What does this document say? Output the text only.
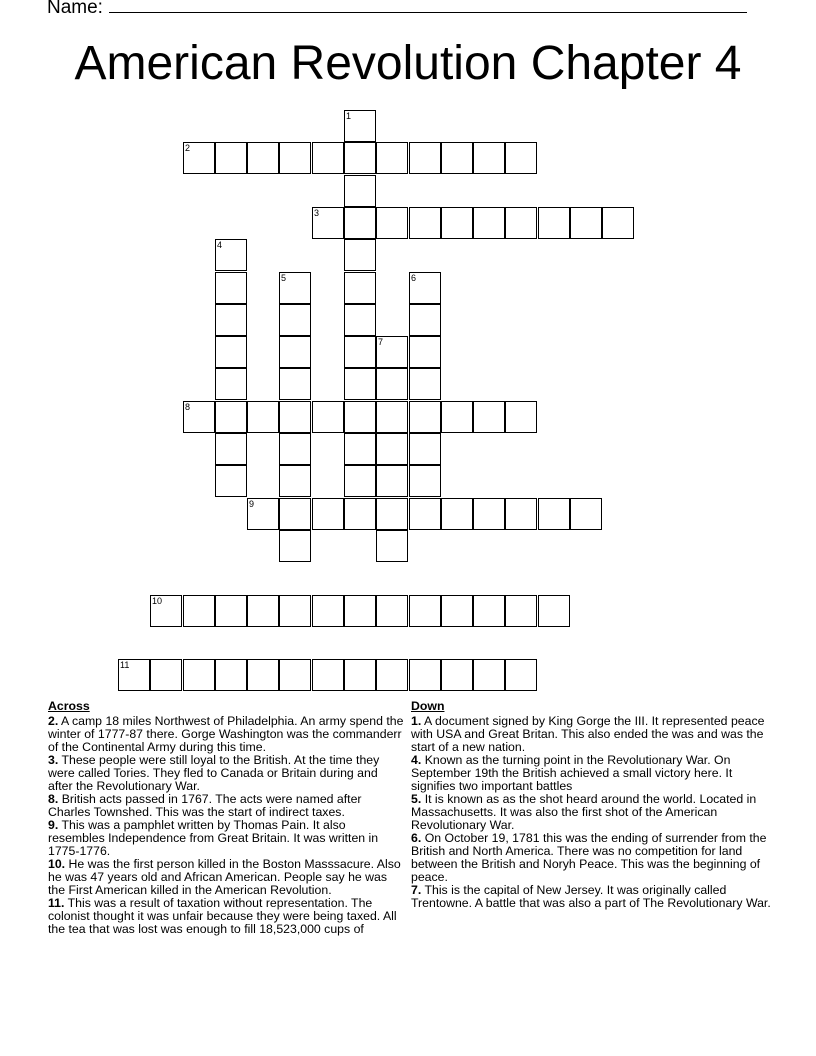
Name:
American Revolution Chapter 4
1
2
3
4
5	6
7
8
9
10
11
Across

2. A camp 18 miles Northwest of Philadelphia. An army spend the winter of 1777-87 there. Gorge Washington was the commanderr of the Continental Army during this time.

3. These people were still loyal to the British. At the time they were called Tories. They fled to Canada or Britain during and after the Revolutionary War.

8. British acts passed in 1767. The acts were named after Charles Townshed. This was the start of indirect taxes.

9. This was a pamphlet written by Thomas Pain. It also resembles Independence from Great Britain. It was written in 1775-1776.

10. He was the first person killed in the Boston Masssacure. Also he was 47 years old and African American. People say he was the First American killed in the American Revolution.

11. This was a result of taxation without representation. The colonist thought it was unfair because they were being taxed. All the tea that was lost was enough to fill 18,523,000 cups of

Down

1. A document signed by King Gorge the III. It represented peace with USA and Great Britan. This also ended the was and was the start of a new nation.

4. Known as the turning point in the Revolutionary War. On September 19th the British achieved a small victory here. It signifies two important battles

5. It is known as as the shot heard around the world. Located in Massachusetts. It was also the first shot of the American Revolutionary War.

6. On October 19, 1781 this was the ending of surrender from the British and North America. There was no competition for land between the British and Noryh Peace. This was the beginning of peace.

7. This is the capital of New Jersey. It was originally called Trentowne. A battle that was also a part of The Revolutionary War.
